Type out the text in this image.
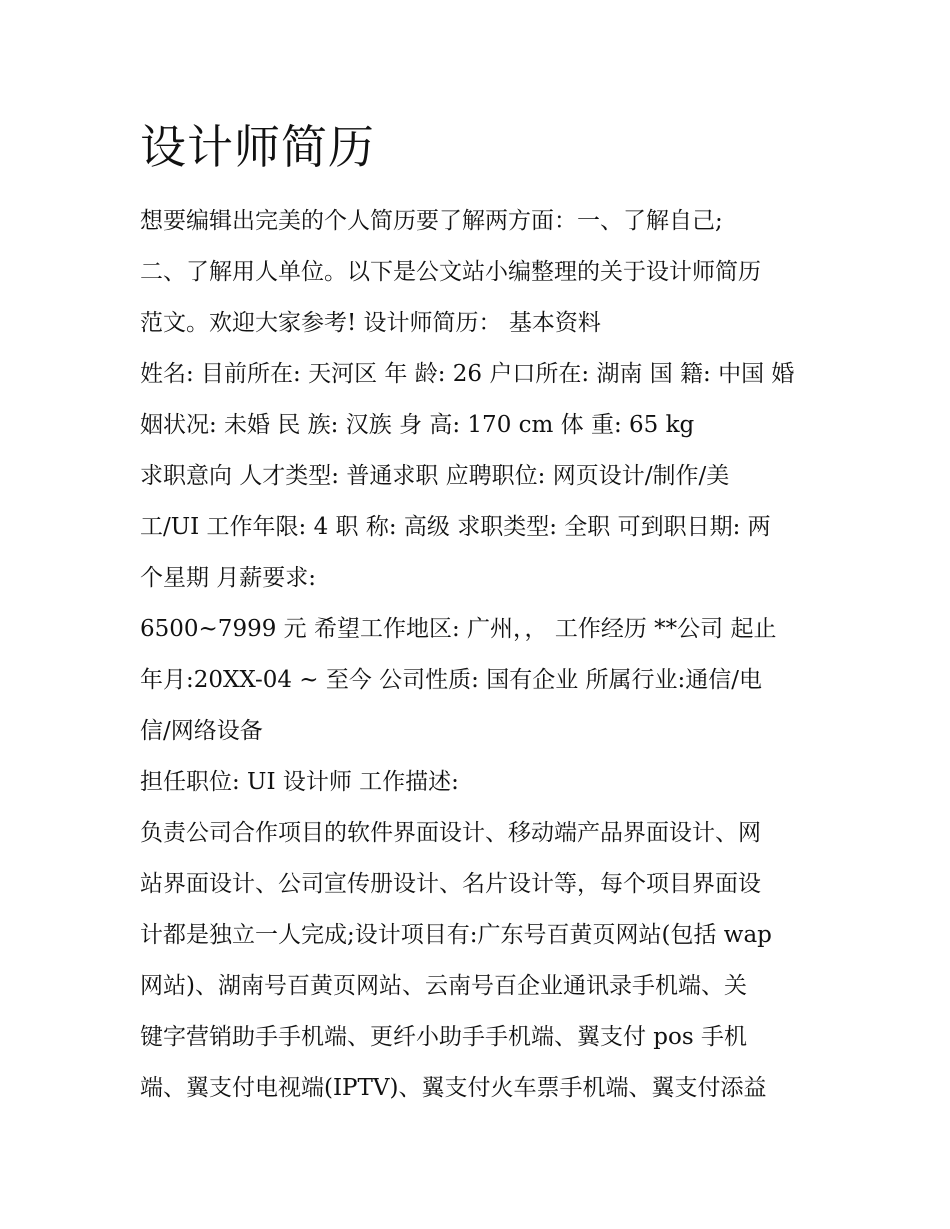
设计师简历
想要编辑出完美的个人简历要了解两方面：一、了解自己;
二、了解用人单位。以下是公文站小编整理的关于设计师简历
范文。欢迎大家参考! 设计师简历： 基本资料
姓名: 目前所在: 天河区 年 龄: 26 户口所在: 湖南 国 籍: 中国 婚
姻状况: 未婚 民 族: 汉族 身 高: 170 cm 体 重: 65 kg
求职意向 人才类型: 普通求职 应聘职位: 网页设计/制作/美
工/UI 工作年限: 4 职 称: 高级 求职类型: 全职 可到职日期: 两
个星期 月薪要求:
6500~7999 元 希望工作地区: 广州，， 工作经历 **公司 起止
年月:20XX-04 ~ 至今 公司性质: 国有企业 所属行业:通信/电
信/网络设备
担任职位: UI 设计师 工作描述:
负责公司合作项目的软件界面设计、移动端产品界面设计、网
站界面设计、公司宣传册设计、名片设计等，每个项目界面设
计都是独立一人完成;设计项目有:广东号百黄页网站(包括 wap
网站)、湖南号百黄页网站、云南号百企业通讯录手机端、关
键字营销助手手机端、更纤小助手手机端、翼支付 pos 手机
端、翼支付电视端(IPTV)、翼支付火车票手机端、翼支付添益
